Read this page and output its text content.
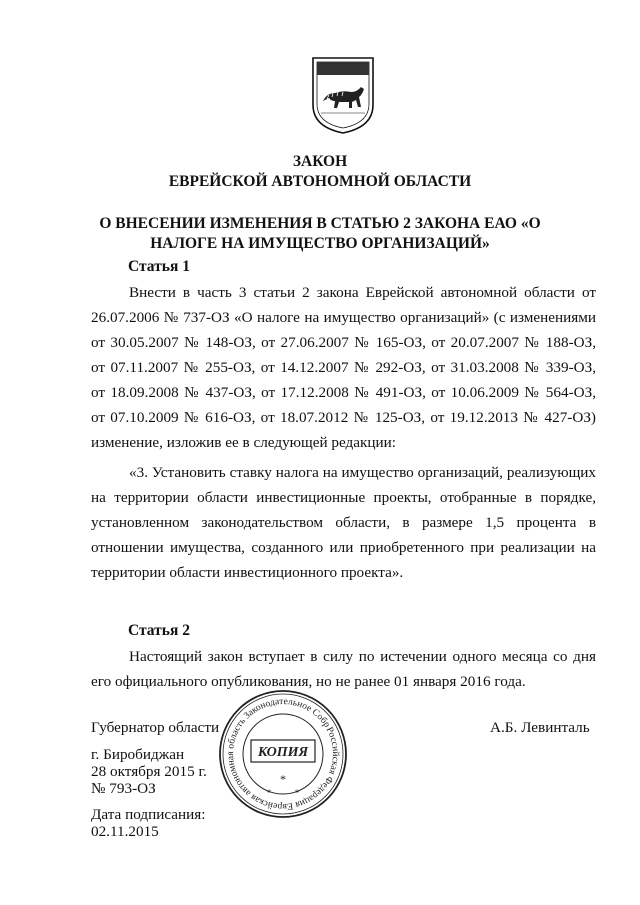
ЗАКОН
ЕВРЕЙСКОЙ АВТОНОМНОЙ ОБЛАСТИ
О ВНЕСЕНИИ ИЗМЕНЕНИЯ В СТАТЬЮ 2 ЗАКОНА ЕАО «О
НАЛОГЕ НА ИМУЩЕСТВО ОРГАНИЗАЦИЙ»
Статья 1
Внести в часть 3 статьи 2 закона Еврейской автономной области от
26.07.2006 № 737-ОЗ «О налоге на имущество организаций» (с изменениями
от 30.05.2007 № 148-ОЗ, от 27.06.2007 № 165-ОЗ, от 20.07.2007 № 188-ОЗ,
от 07.11.2007 № 255-ОЗ, от 14.12.2007 № 292-ОЗ, от 31.03.2008 № 339-ОЗ,
от 18.09.2008 № 437-ОЗ, от 17.12.2008 № 491-ОЗ, от 10.06.2009 № 564-ОЗ,
от 07.10.2009 № 616-ОЗ, от 18.07.2012 № 125-ОЗ, от 19.12.2013 № 427-ОЗ)
изменение, изложив ее в следующей редакции:
«3. Установить ставку налога на имущество организаций, реализующих
на территории области инвестиционные проекты, отобранные в порядке,
установленном законодательством области, в размере 1,5 процента в
отношении имущества, созданного или приобретенного при реализации на
территории области инвестиционного проекта».
Статья 2
Настоящий закон вступает в силу по истечении одного месяца со дня
его официального опубликования, но не ранее 01 января 2016 года.
Губернатор области	А.Б. Левинталь
г. Биробиджан
28 октября 2015 г.
№ 793-ОЗ
Дата подписания:
02.11.2015
Российская Федерация Еврейская автономная область Законодательное Собрание
КОПИЯ
*
*	*
